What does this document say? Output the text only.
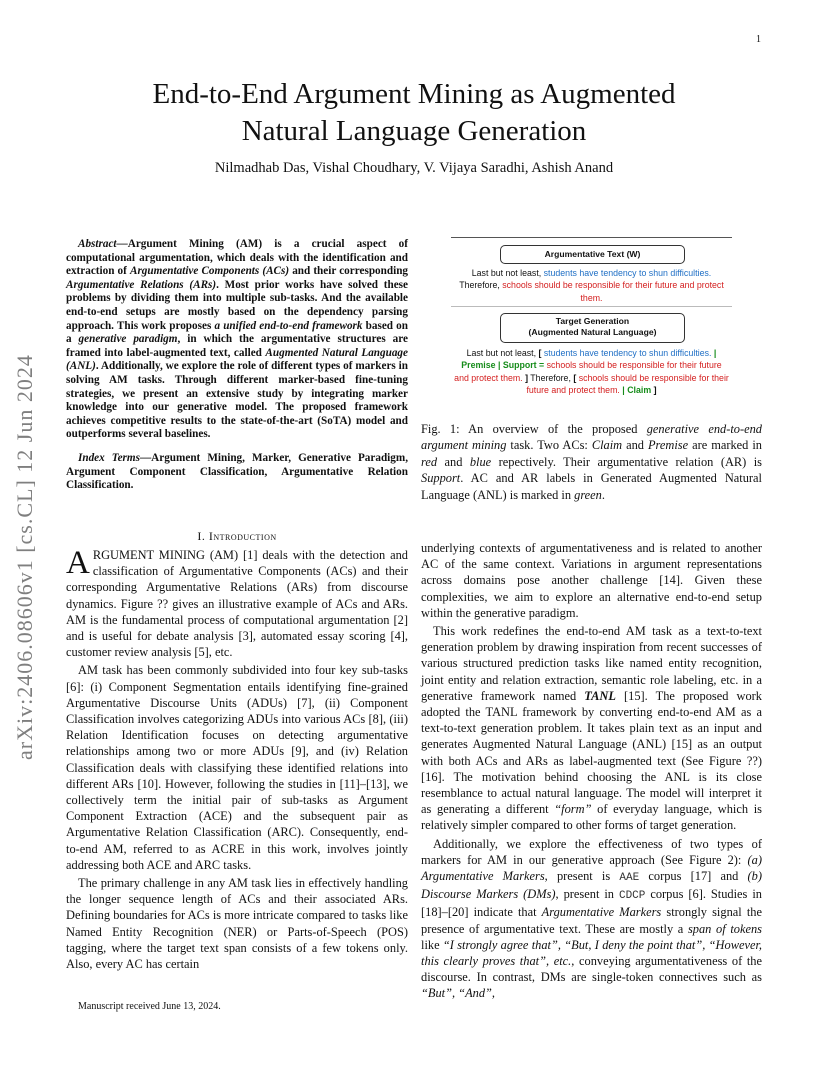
1
arXiv:2406.08606v1 [cs.CL] 12 Jun 2024
End-to-End Argument Mining as Augmented
Natural Language Generation
Nilmadhab Das, Vishal Choudhary, V. Vijaya Saradhi, Ashish Anand

Abstract—Argument Mining (AM) is a crucial aspect of computational argumentation, which deals with the identification and extraction of Argumentative Components (ACs) and their corresponding Argumentative Relations (ARs). Most prior works have solved these problems by dividing them into multiple sub-tasks. And the available end-to-end setups are mostly based on the dependency parsing approach. This work proposes a unified end-to-end framework based on a generative paradigm, in which the argumentative structures are framed into label-augmented text, called Augmented Natural Language (ANL). Additionally, we explore the role of different types of markers in solving AM tasks. Through different marker-based fine-tuning strategies, we present an extensive study by integrating marker knowledge into our generative model. The proposed framework achieves competitive results to the state-of-the-art (SoTA) model and outperforms several baselines.

Index Terms—Argument Mining, Marker, Generative Paradigm, Argument Component Classification, Argumentative Relation Classification.

Argumentative Text (W)
Last but not least, students have tendency to shun difficulties. Therefore, schools should be responsible for their future and protect them.
Target Generation
(Augmented Natural Language)
Last but not least, [ students have tendency to shun difficulties. | Premise | Support = schools should be responsible for their future and protect them. ] Therefore, [ schools should be responsible for their future and protect them. | Claim ]
Fig. 1: An overview of the proposed generative end-to-end argument mining task. Two ACs: Claim and Premise are marked in red and blue repectively. Their argumentative relation (AR) is Support. AC and AR labels in Generated Augmented Natural Language (ANL) is marked in green.
I. Introduction

ARGUMENT MINING (AM) [1] deals with the detection and classification of Argumentative Components (ACs) and their corresponding Argumentative Relations (ARs) from discourse dynamics. Figure ?? gives an illustrative example of ACs and ARs. AM is the fundamental process of computational argumentation [2] and is useful for debate analysis [3], automated essay scoring [4], customer review analysis [5], etc.

AM task has been commonly subdivided into four key sub-tasks [6]: (i) Component Segmentation entails identifying fine-grained Argumentative Discourse Units (ADUs) [7], (ii) Component Classification involves categorizing ADUs into various ACs [8], (iii) Relation Identification focuses on detecting argumentative relationships among two or more ADUs [9], and (iv) Relation Classification deals with classifying these identified relations into different ARs [10]. However, following the studies in [11]–[13], we collectively term the initial pair of sub-tasks as Argument Component Extraction (ACE) and the subsequent pair as Argumentative Relation Classification (ARC). Consequently, end-to-end AM, referred to as ACRE in this work, involves jointly addressing both ACE and ARC tasks.

The primary challenge in any AM task lies in effectively handling the longer sequence length of ACs and their associated ARs. Defining boundaries for ACs is more intricate compared to tasks like Named Entity Recognition (NER) or Parts-of-Speech (POS) tagging, where the target text span consists of a few tokens only. Also, every AC has certain

underlying contexts of argumentativeness and is related to another AC of the same context. Variations in argument representations across domains pose another challenge [14]. Given these complexities, we aim to explore an alternative end-to-end setup within the generative paradigm.

This work redefines the end-to-end AM task as a text-to-text generation problem by drawing inspiration from recent successes of various structured prediction tasks like named entity recognition, joint entity and relation extraction, semantic role labeling, etc. in a generative framework named TANL [15]. The proposed work adopted the TANL framework by converting end-to-end AM as a text-to-text generation problem. It takes plain text as an input and generates Augmented Natural Language (ANL) [15] as an output with both ACs and ARs as label-augmented text (See Figure ??) [16]. The motivation behind choosing the ANL is its close resemblance to actual natural language. The model will interpret it as generating a different “form” of everyday language, which is relatively simpler compared to other forms of target generation.

Additionally, we explore the effectiveness of two types of markers for AM in our generative approach (See Figure 2): (a) Argumentative Markers, present is AAE corpus [17] and (b) Discourse Markers (DMs), present in CDCP corpus [6]. Studies in [18]–[20] indicate that Argumentative Markers strongly signal the presence of argumentative text. These are mostly a span of tokens like “I strongly agree that”, “But, I deny the point that”, “However, this clearly proves that”, etc., conveying argumentativeness of the discourse. In contrast, DMs are single-token connectives such as “But”, “And”,

Manuscript received June 13, 2024.
